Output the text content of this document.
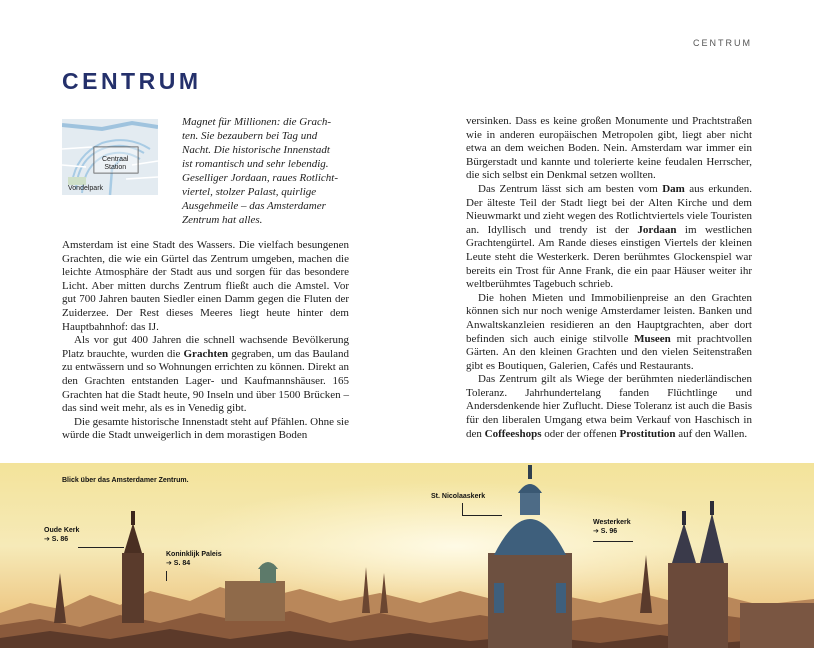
CENTRUM
CENTRUM
Centraal
Station
Vondelpark

Magnet für Millionen: die Grach-

ten. Sie bezaubern bei Tag und

Nacht. Die historische Innenstadt

ist romantisch und sehr lebendig.

Geselliger Jordaan, raues Rotlicht-

viertel, stolzer Palast, quirlige

Ausgehmeile – das Amsterdamer

Zentrum hat alles.

Amsterdam ist eine Stadt des Wassers. Die vielfach besungenen Grachten, die wie ein Gürtel das Zentrum umgeben, machen die leichte Atmosphäre der Stadt aus und sorgen für das besondere Licht. Aber mitten durchs Zentrum fließt auch die Amstel. Vor gut 700 Jahren bauten Siedler einen Damm gegen die Fluten der Zuiderzee. Der Rest dieses Meeres liegt heute hinter dem Hauptbahnhof: das IJ.

Als vor gut 400 Jahren die schnell wachsende Bevölkerung Platz brauchte, wurden die Grachten gegraben, um das Bauland zu entwässern und so Wohnungen errichten zu können. Direkt an den Grachten entstanden Lager- und Kaufmannshäuser. 165 Grachten hat die Stadt heute, 90 Inseln und über 1500 Brücken – das sind weit mehr, als es in Venedig gibt.

Die gesamte historische Innenstadt steht auf Pfählen. Ohne sie würde die Stadt unweigerlich in dem morastigen Boden

versinken. Dass es keine großen Monumente und Prachtstraßen wie in anderen europäischen Metropolen gibt, liegt aber nicht etwa an dem weichen Boden. Nein. Amsterdam war immer ein Bürgerstadt und kannte und tolerierte keine feudalen Herrscher, die sich selbst ein Denkmal setzen wollten.

Das Zentrum lässt sich am besten vom Dam aus erkunden. Der älteste Teil der Stadt liegt bei der Alten Kirche und dem Nieuwmarkt und zieht wegen des Rotlichtviertels viele Touristen an. Idyllisch und trendy ist der Jordaan im westlichen Grachtengürtel. Am Rande dieses einstigen Viertels der kleinen Leute steht die Westerkerk. Deren berühmtes Glockenspiel war bereits ein Trost für Anne Frank, die ein paar Häuser weiter ihr weltberühmtes Tagebuch schrieb.

Die hohen Mieten und Immobilienpreise an den Grachten können sich nur noch wenige Amsterdamer leisten. Banken und Anwaltskanzleien residieren an den Hauptgrachten, aber dort befinden sich auch einige stilvolle Museen mit prachtvollen Gärten. An den kleinen Grachten und den vielen Seitenstraßen gibt es Boutiquen, Galerien, Cafés und Restaurants.

Das Zentrum gilt als Wiege der berühmten niederländischen Toleranz. Jahrhundertelang fanden Flüchtlinge und Andersdenkende hier Zuflucht. Diese Toleranz ist auch die Basis für den liberalen Umgang etwa beim Verkauf von Haschisch in den Coffeeshops oder der offenen Prostitution auf den Wallen.

Blick über das Amsterdamer Zentrum.
Oude Kerk
➔ S. 86
Koninklijk Paleis
➔ S. 84
St. Nicolaaskerk
Westerkerk
➔ S. 96
